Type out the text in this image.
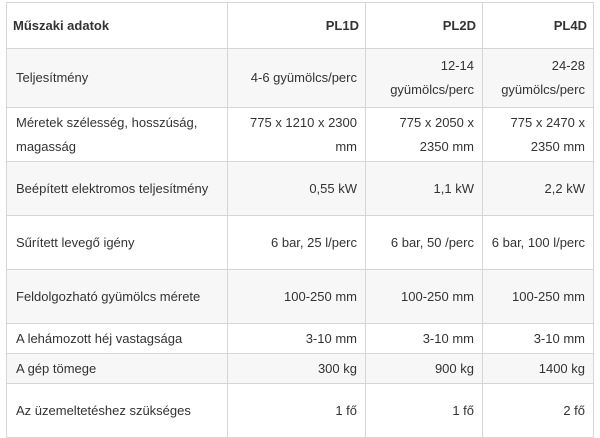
Műszaki adatok	PL1D	PL2D	PL4D
Teljesítmény	4-6 gyümölcs/perc	12-14 gyümölcs/perc	24-28 gyümölcs/perc
Méretek szélesség, hosszúság, magasság	775 x 1210 x 2300 mm	775 x 2050 x 2350 mm	775 x 2470 x 2350 mm
Beépített elektromos teljesítmény	0,55 kW	1,1 kW	2,2 kW
Sűrített levegő igény	6 bar, 25 l/perc	6 bar, 50 /perc	6 bar, 100 l/perc
Feldolgozható gyümölcs mérete	100-250 mm	100-250 mm	100-250 mm
A lehámozott héj vastagsága	3-10 mm	3-10 mm	3-10 mm
A gép tömege	300 kg	900 kg	1400 kg
Az üzemeltetéshez szükséges	1 fő	1 fő	2 fő
